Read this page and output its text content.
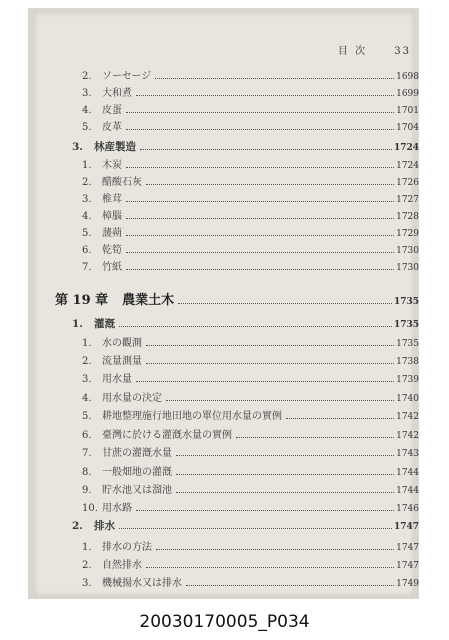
目 次	33
2.	ソーセージ	1698
3.	大和煮	1699
4.	皮蛋	1701
5.	皮革	1704
3.	林産製造	1724
1.	木炭	1724
2.	醋酸石灰	1726
3.	椎茸	1727
4.	樟腦	1728
5.	蘐蒴	1729
6.	乾筍	1730
7.	竹紙	1730
第 19 章 農業土木	1735
1.	灌漑	1735
1.	水の觀測	1735
2.	流量測量	1738
3.	用水量	1739
4.	用水量の決定	1740
5.	耕地整理施行地田地の單位用水量の實例	1742
6.	臺灣に於ける灌漑水量の實例	1742
7.	甘蔗の灌漑水量	1743
8.	一般畑地の灌漑	1744
9.	貯水池又は溜池	1744
10. 用水路	1746
2.	排水	1747
1.	排水の方法	1747
2.	自然排水	1747
3.	機械揚水又は排水	1749
20030170005_P034
